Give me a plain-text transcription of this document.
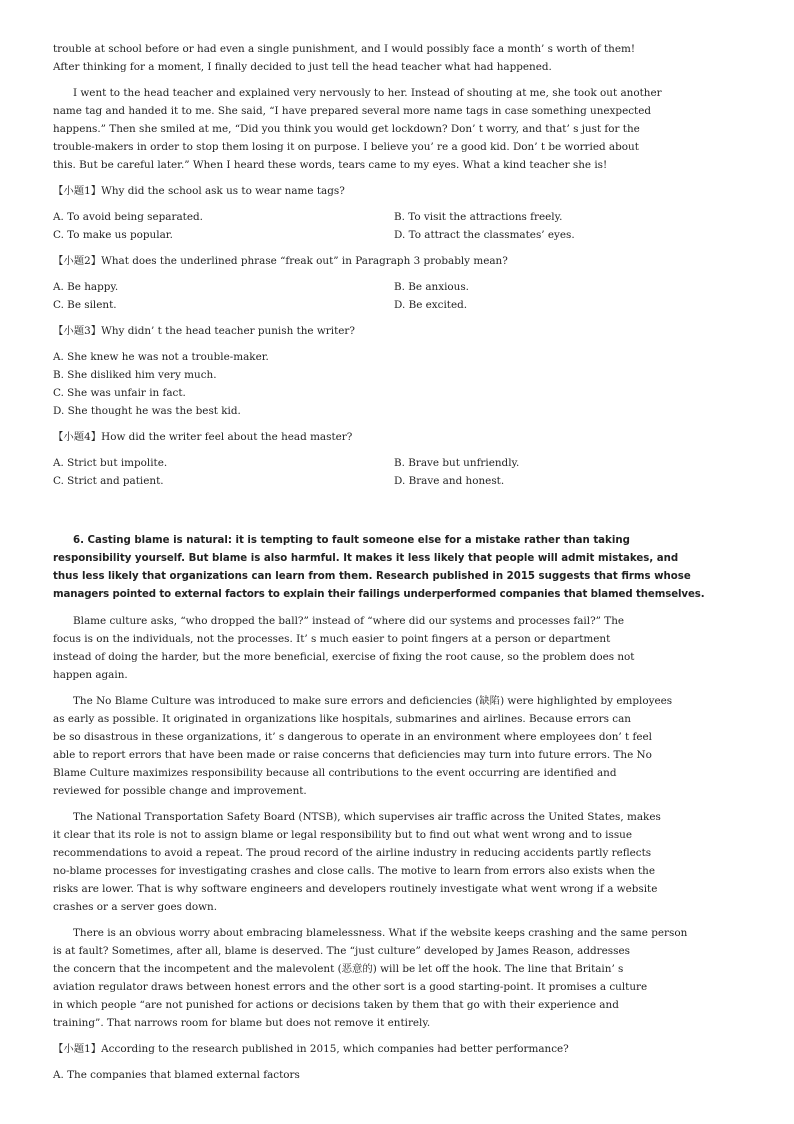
trouble at school before or had even a single punishment, and I would possibly face a month’ s worth of them!
After thinking for a moment, I finally decided to just tell the head teacher what had happened.
I went to the head teacher and explained very nervously to her. Instead of shouting at me, she took out another
name tag and handed it to me. She said, “I have prepared several more name tags in case something unexpected
happens.” Then she smiled at me, “Did you think you would get lockdown? Don’ t worry, and that’ s just for the
trouble-makers in order to stop them losing it on purpose. I believe you’ re a good kid. Don’ t be worried about
this. But be careful later.” When I heard these words, tears came to my eyes. What a kind teacher she is!
【小题1】Why did the school ask us to wear name tags?
A. To avoid being separated.	B. To visit the attractions freely.
C. To make us popular.	D. To attract the classmates’ eyes.
【小题2】What does the underlined phrase “freak out” in Paragraph 3 probably mean?
A. Be happy.	B. Be anxious.
C. Be silent.	D. Be excited.
【小题3】Why didn’ t the head teacher punish the writer?
A. She knew he was not a trouble-maker.
B. She disliked him very much.
C. She was unfair in fact.
D. She thought he was the best kid.
【小题4】How did the writer feel about the head master?
A. Strict but impolite.	B. Brave but unfriendly.
C. Strict and patient.	D. Brave and honest.
6. Casting blame is natural: it is tempting to fault someone else for a mistake rather than taking
responsibility yourself. But blame is also harmful. It makes it less likely that people will admit mistakes, and
thus less likely that organizations can learn from them. Research published in 2015 suggests that firms whose
managers pointed to external factors to explain their failings underperformed companies that blamed themselves.
Blame culture asks, “who dropped the ball?” instead of “where did our systems and processes fail?” The
focus is on the individuals, not the processes. It’ s much easier to point fingers at a person or department
instead of doing the harder, but the more beneficial, exercise of fixing the root cause, so the problem does not
happen again.
The No Blame Culture was introduced to make sure errors and deficiencies (缺陷) were highlighted by employees
as early as possible. It originated in organizations like hospitals, submarines and airlines. Because errors can
be so disastrous in these organizations, it’ s dangerous to operate in an environment where employees don’ t feel
able to report errors that have been made or raise concerns that deficiencies may turn into future errors. The No
Blame Culture maximizes responsibility because all contributions to the event occurring are identified and
reviewed for possible change and improvement.
The National Transportation Safety Board (NTSB), which supervises air traffic across the United States, makes
it clear that its role is not to assign blame or legal responsibility but to find out what went wrong and to issue
recommendations to avoid a repeat. The proud record of the airline industry in reducing accidents partly reflects
no-blame processes for investigating crashes and close calls. The motive to learn from errors also exists when the
risks are lower. That is why software engineers and developers routinely investigate what went wrong if a website
crashes or a server goes down.
There is an obvious worry about embracing blamelessness. What if the website keeps crashing and the same person
is at fault? Sometimes, after all, blame is deserved. The “just culture” developed by James Reason, addresses
the concern that the incompetent and the malevolent (恶意的) will be let off the hook. The line that Britain’ s
aviation regulator draws between honest errors and the other sort is a good starting-point. It promises a culture
in which people “are not punished for actions or decisions taken by them that go with their experience and
training”. That narrows room for blame but does not remove it entirely.
【小题1】According to the research published in 2015, which companies had better performance?
A. The companies that blamed external factors
